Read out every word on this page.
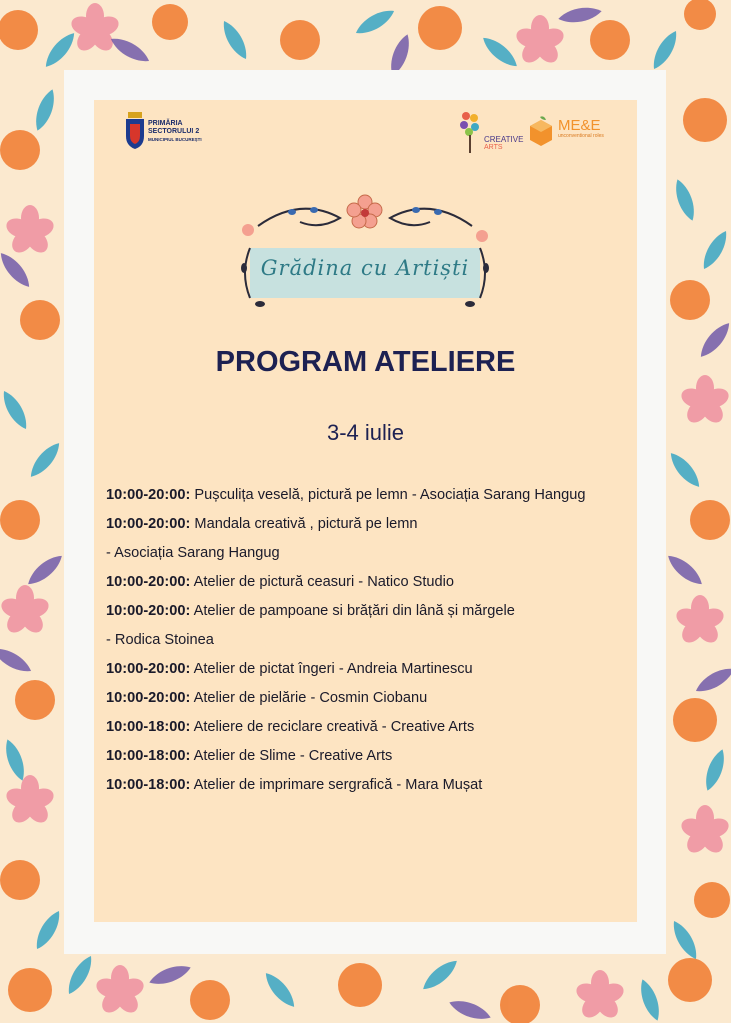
PRIMĂRIA
SECTORULUI 2
MUNICIPIUL BUCUREȘTI	CREATIVE
ARTS
ME&E
unconventional roles
Grădina cu Artiști
PROGRAM ATELIERE
3-4 iulie
10:00-20:00: Pușculița veselă, pictură pe lemn - Asociația Sarang Hangug
10:00-20:00: Mandala creativă , pictură pe lemn
- Asociația Sarang Hangug
10:00-20:00: Atelier de pictură ceasuri - Natico Studio
10:00-20:00: Atelier de pampoane si brățări din lână și mărgele
- Rodica Stoinea
10:00-20:00: Atelier de pictat îngeri - Andreia Martinescu
10:00-20:00: Atelier de pielărie - Cosmin Ciobanu
10:00-18:00: Ateliere de reciclare creativă - Creative Arts
10:00-18:00: Atelier de Slime - Creative Arts
10:00-18:00: Atelier de imprimare sergrafică - Mara Mușat
